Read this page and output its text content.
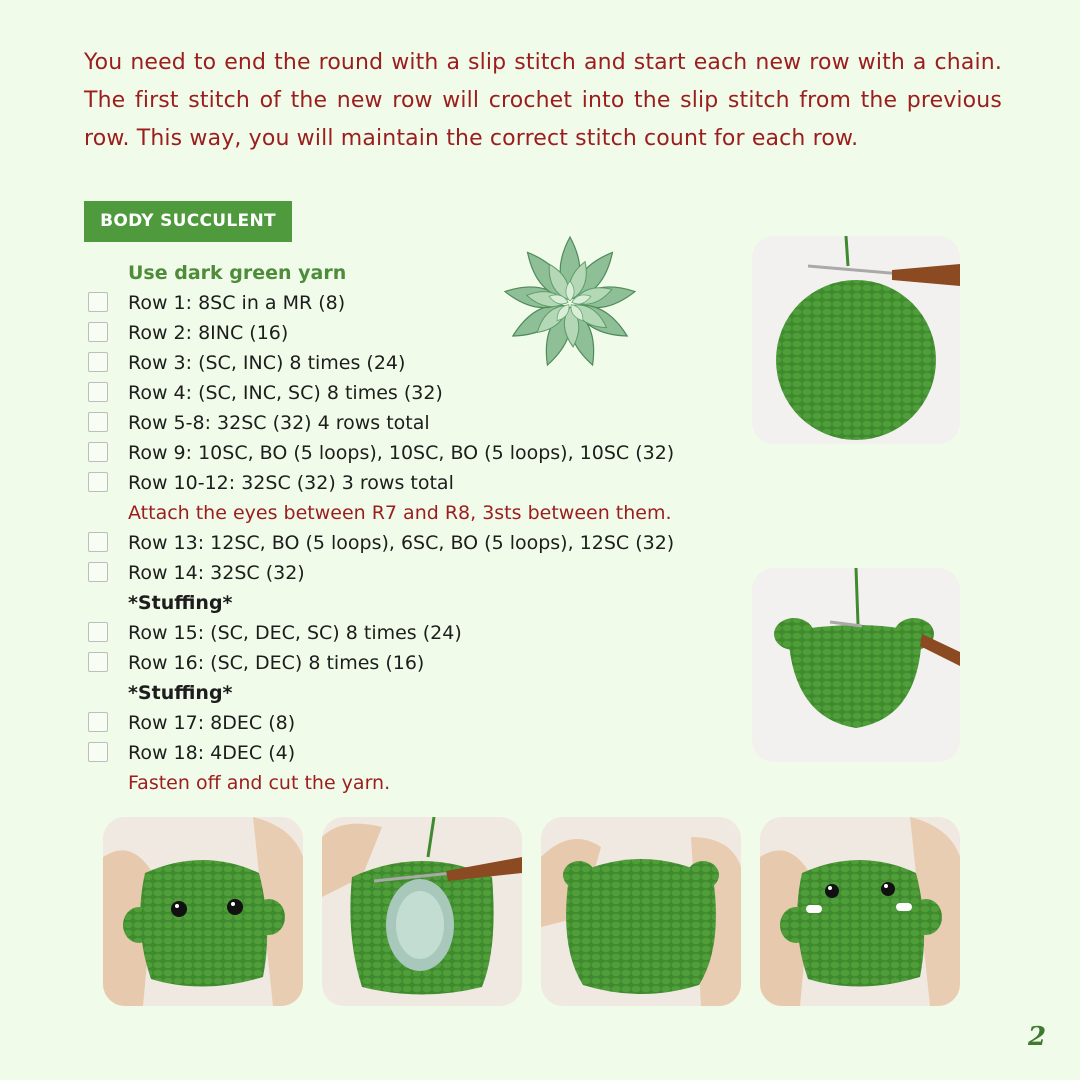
You need to end the round with a slip stitch and start each new row with a chain. The first stitch of the new row will crochet into the slip stitch from the previous row. This way, you will maintain the correct stitch count for each row.
BODY SUCCULENT
Use dark green yarn
Row 1: 8SC in a MR (8)
Row 2: 8INC (16)
Row 3: (SC, INC) 8 times (24)
Row 4: (SC, INC, SC) 8 times (32)
Row 5-8: 32SC (32) 4 rows total
Row 9: 10SC, BO (5 loops), 10SC, BO (5 loops), 10SC (32)
Row 10-12: 32SC (32) 3 rows total
Attach the eyes between R7 and R8, 3sts between them.
Row 13: 12SC, BO (5 loops), 6SC, BO (5 loops), 12SC (32)
Row 14: 32SC (32)
*Stuffing*
Row 15: (SC, DEC, SC) 8 times (24)
Row 16: (SC, DEC) 8 times (16)
*Stuffing*
Row 17: 8DEC (8)
Row 18: 4DEC (4)
Fasten off and cut the yarn.
2
